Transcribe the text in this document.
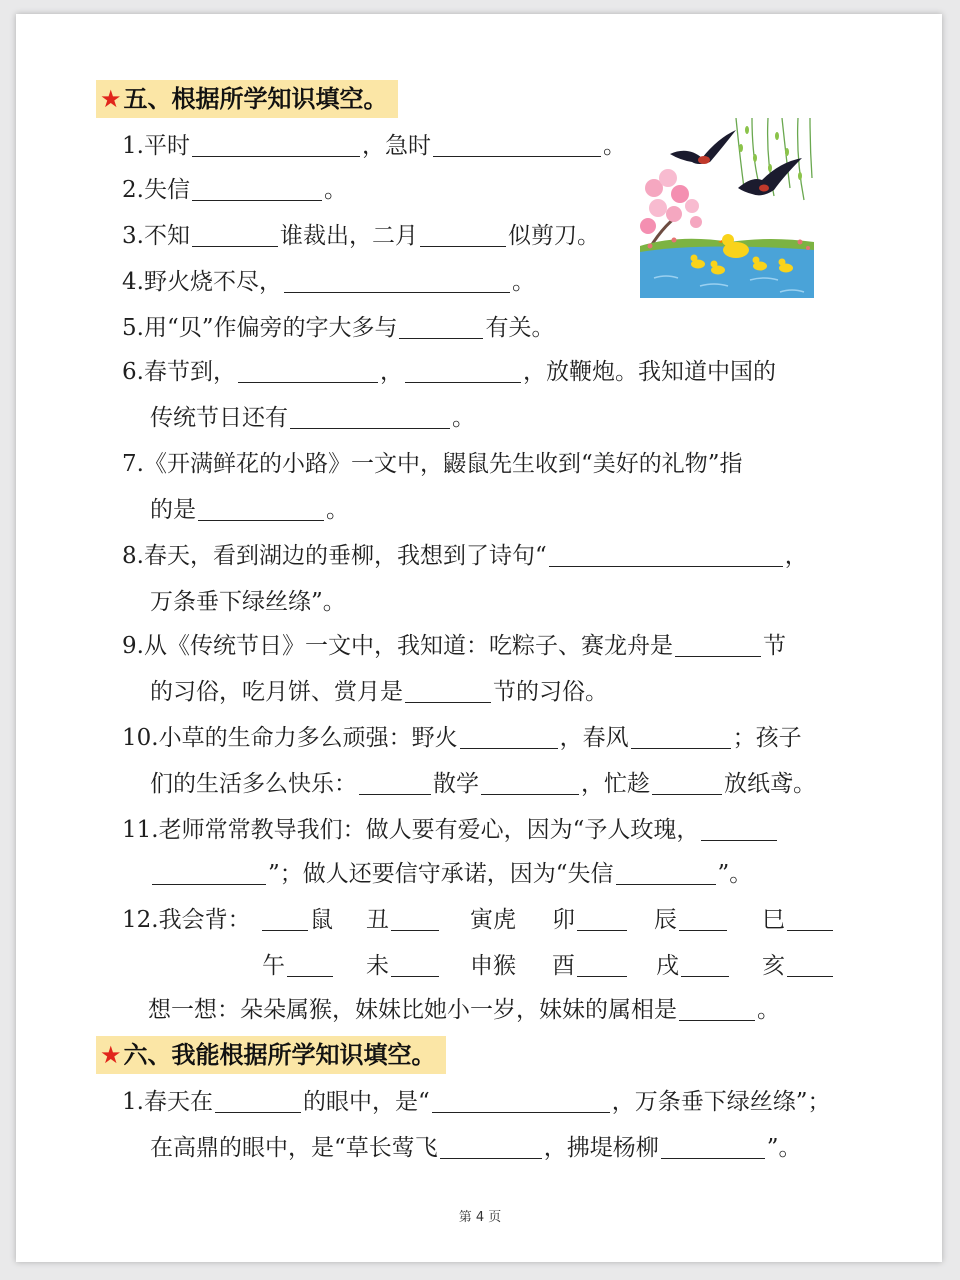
★五、根据所学知识填空。
1.平时	，急时	。
2.失信	。
3.不知	谁裁出，二月	似剪刀。
4.野火烧不尽，	。
5.用“贝”作偏旁的字大多与	有关。
6.春节到，	，	，放鞭炮。我知道中国的
传统节日还有	。
7.《开满鲜花的小路》一文中，鼹鼠先生收到“美好的礼物”指
的是	。
8.春天，看到湖边的垂柳，我想到了诗句“	，
万条垂下绿丝绦”。
9.从《传统节日》一文中，我知道：吃粽子、赛龙舟是	节
的习俗，吃月饼、赏月是	节的习俗。
10.小草的生命力多么顽强：野火	，春风	；孩子
们的生活多么快乐：	散学	，忙趁	放纸鸢。
11.老师常常教导我们：做人要有爱心，因为“予人玫瑰，
”；做人还要信守承诺，因为“失信	”。
12.我会背：	鼠 丑	寅虎 卯	辰	巳
午	未	申猴 酉	戌	亥
想一想：朵朵属猴，妹妹比她小一岁，妹妹的属相是	。
★六、我能根据所学知识填空。
1.春天在	的眼中，是“	，万条垂下绿丝绦”；
在高鼎的眼中，是“草长莺飞	，拂堤杨柳	”。
第 4 页
